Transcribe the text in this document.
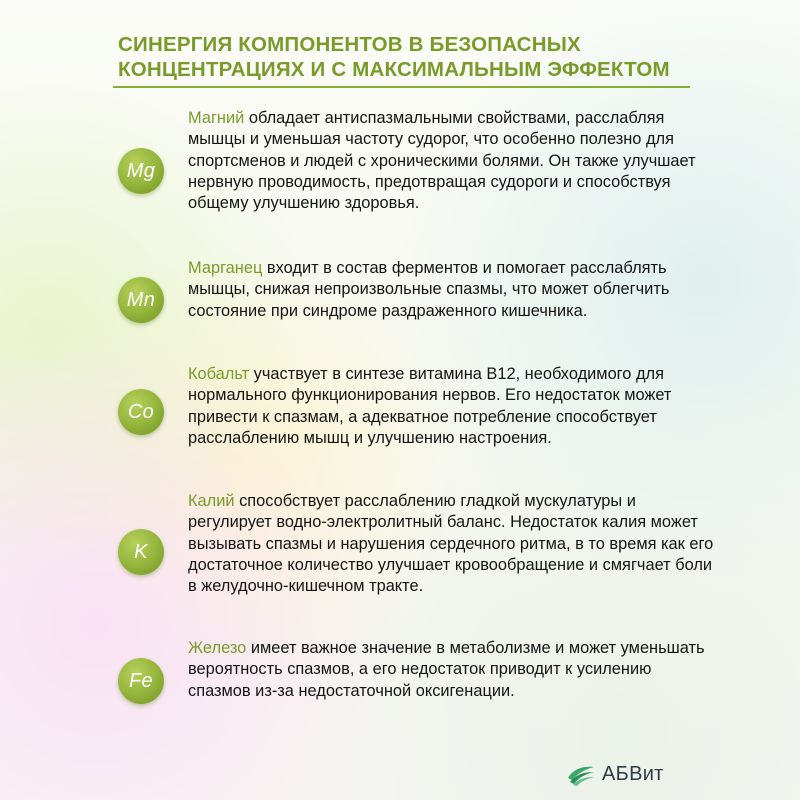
СИНЕРГИЯ КОМПОНЕНТОВ В БЕЗОПАСНЫХ
КОНЦЕНТРАЦИЯХ И С МАКСИМАЛЬНЫМ ЭФФЕКТОМ
Mg

Магний обладает антиспазмальными свойствами, расслабляя мышцы и уменьшая частоту судорог, что особенно полезно для спортсменов и людей с хроническими болями. Он также улучшает нервную проводимость, предотвращая судороги и способствуя общему улучшению здоровья.

Mn

Марганец входит в состав ферментов и помогает расслаблять мышцы, снижая непроизвольные спазмы, что может облегчить состояние при синдроме раздраженного кишечника.

Co

Кобальт участвует в синтезе витамина B12, необходимого для нормального функционирования нервов. Его недостаток может привести к спазмам, а адекватное потребление способствует расслаблению мышц и улучшению настроения.

K

Калий способствует расслаблению гладкой мускулатуры и регулирует водно-электролитный баланс. Недостаток калия может вызывать спазмы и нарушения сердечного ритма, в то время как его достаточное количество улучшает кровообращение и смягчает боли в желудочно-кишечном тракте.

Fe

Железо имеет важное значение в метаболизме и может уменьшать вероятность спазмов, а его недостаток приводит к усилению спазмов из-за недостаточной оксигенации.

АБВит
